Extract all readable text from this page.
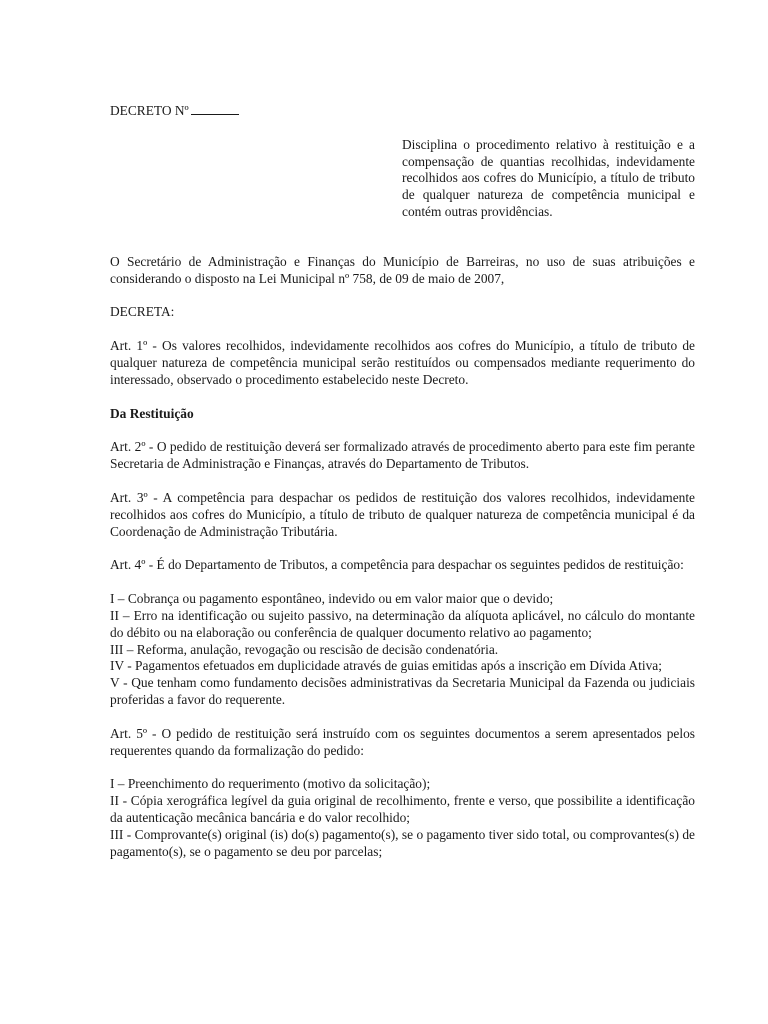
DECRETO Nº

Disciplina o procedimento relativo à restituição e a compensação de quantias recolhidas, indevidamente recolhidos aos cofres do Município, a título de tributo de qualquer natureza de competência municipal e contém outras providências.

O Secretário de Administração e Finanças do Município de Barreiras, no uso de suas atribuições e considerando o disposto na Lei Municipal nº 758, de 09 de maio de 2007,

DECRETA:

Art. 1º - Os valores recolhidos, indevidamente recolhidos aos cofres do Município, a título de tributo de qualquer natureza de competência municipal serão restituídos ou compensados mediante requerimento do interessado, observado o procedimento estabelecido neste Decreto.

Da Restituição

Art. 2º - O pedido de restituição deverá ser formalizado através de procedimento aberto para este fim perante Secretaria de Administração e Finanças, através do Departamento de Tributos.

Art. 3º - A competência para despachar os pedidos de restituição dos valores recolhidos, indevidamente recolhidos aos cofres do Município, a título de tributo de qualquer natureza de competência municipal é da Coordenação de Administração Tributária.

Art. 4º - É do Departamento de Tributos, a competência para despachar os seguintes pedidos de restituição:

I – Cobrança ou pagamento espontâneo, indevido ou em valor maior que o devido;

II – Erro na identificação ou sujeito passivo, na determinação da alíquota aplicável, no cálculo do montante do débito ou na elaboração ou conferência de qualquer documento relativo ao pagamento;

III – Reforma, anulação, revogação ou rescisão de decisão condenatória.

IV - Pagamentos efetuados em duplicidade através de guias emitidas após a inscrição em Dívida Ativa;

V - Que tenham como fundamento decisões administrativas da Secretaria Municipal da Fazenda ou judiciais proferidas a favor do requerente.

Art. 5º - O pedido de restituição será instruído com os seguintes documentos a serem apresentados pelos requerentes quando da formalização do pedido:

I – Preenchimento do requerimento (motivo da solicitação);

II - Cópia xerográfica legível da guia original de recolhimento, frente e verso, que possibilite a identificação da autenticação mecânica bancária e do valor recolhido;

III - Comprovante(s) original (is) do(s) pagamento(s), se o pagamento tiver sido total, ou comprovantes(s) de pagamento(s), se o pagamento se deu por parcelas;
